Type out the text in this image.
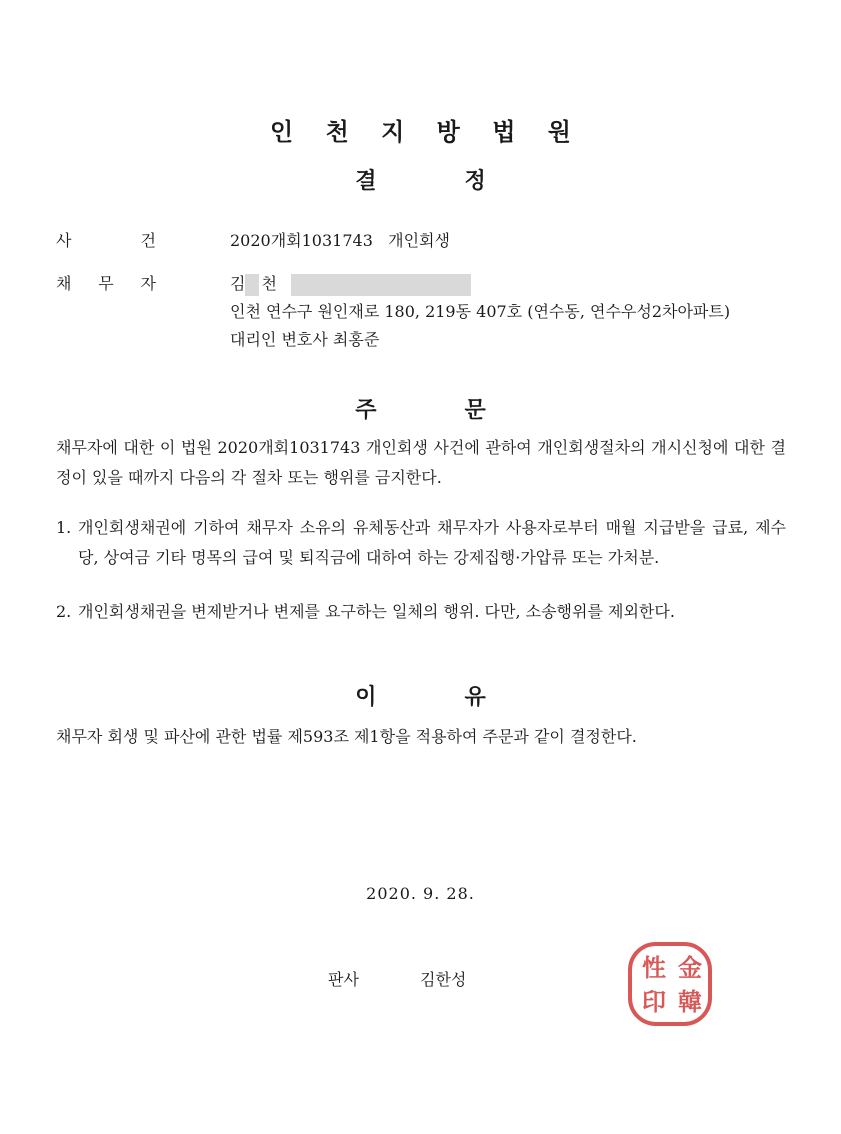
인 천 지 방 법 원
결	정
사	건	2020개회1031743   개인회생
채 무 자	김 천
인천 연수구 원인재로 180, 219동 407호 (연수동, 연수우성2차아파트)
대리인 변호사 최홍준
주	문
채무자에 대한 이 법원 2020개회1031743 개인회생 사건에 관하여 개인회생절차의 개시신청에 대한 결정이 있을 때까지 다음의 각 절차 또는 행위를 금지한다.
1. 개인회생채권에 기하여 채무자 소유의 유체동산과 채무자가 사용자로부터 매월 지급받을 급료, 제수당, 상여금 기타 명목의 급여 및 퇴직금에 대하여 하는 강제집행·가압류 또는 가처분.
2. 개인회생채권을 변제받거나 변제를 요구하는 일체의 행위. 다만, 소송행위를 제외한다.
이	유
채무자 회생 및 파산에 관한 법률 제593조 제1항을 적용하여 주문과 같이 결정한다.
2020. 9. 28.
판사	김한성	金
韓
性
印
